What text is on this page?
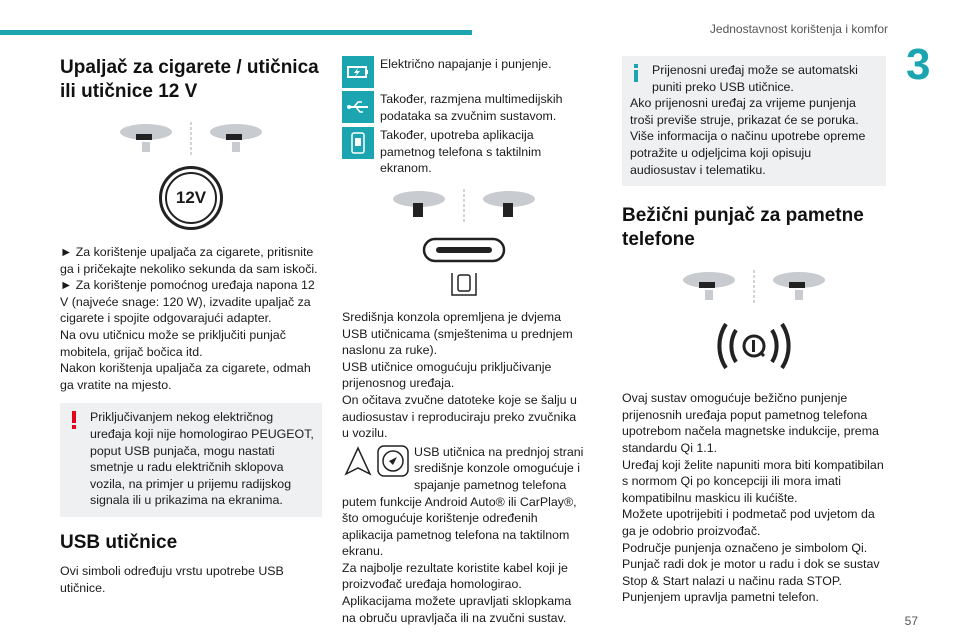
Jednostavnost korištenja i komfor
3
57
Upaljač za cigarete / utičnica ili utičnice 12 V
12V

► Za korištenje upaljača za cigarete, pritisnite ga i pričekajte nekoliko sekunda da sam iskoči.

► Za korištenje pomoćnog uređaja napona 12 V (najveće snage: 120 W), izvadite upaljač za cigarete i spojite odgovarajući adapter.

Na ovu utičnicu može se priključiti punjač mobitela, grijač bočica itd.

Nakon korištenja upaljača za cigarete, odmah ga vratite na mjesto.

Priključivanjem nekog električnog uređaja koji nije homologirao PEUGEOT, poput USB punjača, mogu nastati smetnje u radu električnih sklopova vozila, na primjer u prijemu radijskog signala ili u prikazima na ekranima.

USB utičnice

Ovi simboli određuju vrstu upotrebe USB utičnice.

Električno napajanje i punjenje.

Također, razmjena multimedijskih podataka sa zvučnim sustavom.

Također, upotreba aplikacija pametnog telefona s taktilnim ekranom.

Središnja konzola opremljena je dvjema USB utičnicama (smještenima u prednjem naslonu za ruke).

USB utičnice omogućuju priključivanje prijenosnog uređaja.

On očitava zvučne datoteke koje se šalju u audiosustav i reproduciraju preko zvučnika u vozilu.

USB utičnica na prednjoj strani središnje konzole omogućuje i spajanje pametnog telefona putem funkcije Android Auto® ili CarPlay®, što omogućuje korištenje određenih aplikacija pametnog telefona na taktilnom ekranu.

Za najbolje rezultate koristite kabel koji je proizvođač uređaja homologirao.

Aplikacijama možete upravljati sklopkama na obruču upravljača ili na zvučni sustav.

Prijenosni uređaj može se automatski puniti preko USB utičnice.

Ako prijenosni uređaj za vrijeme punjenja troši previše struje, prikazat će se poruka.

Više informacija o načinu upotrebe opreme potražite u odjeljcima koji opisuju audiosustav i telematiku.

Bežični punjač za pametne telefone

Ovaj sustav omogućuje bežično punjenje prijenosnih uređaja poput pametnog telefona upotrebom načela magnetske indukcije, prema standardu Qi 1.1.

Uređaj koji želite napuniti mora biti kompatibilan s normom Qi po koncepciji ili mora imati kompatibilnu maskicu ili kućište.

Možete upotrijebiti i podmetač pod uvjetom da ga je odobrio proizvođač.

Područje punjenja označeno je simbolom Qi.

Punjač radi dok je motor u radu i dok se sustav Stop & Start nalazi u načinu rada STOP.

Punjenjem upravlja pametni telefon.
